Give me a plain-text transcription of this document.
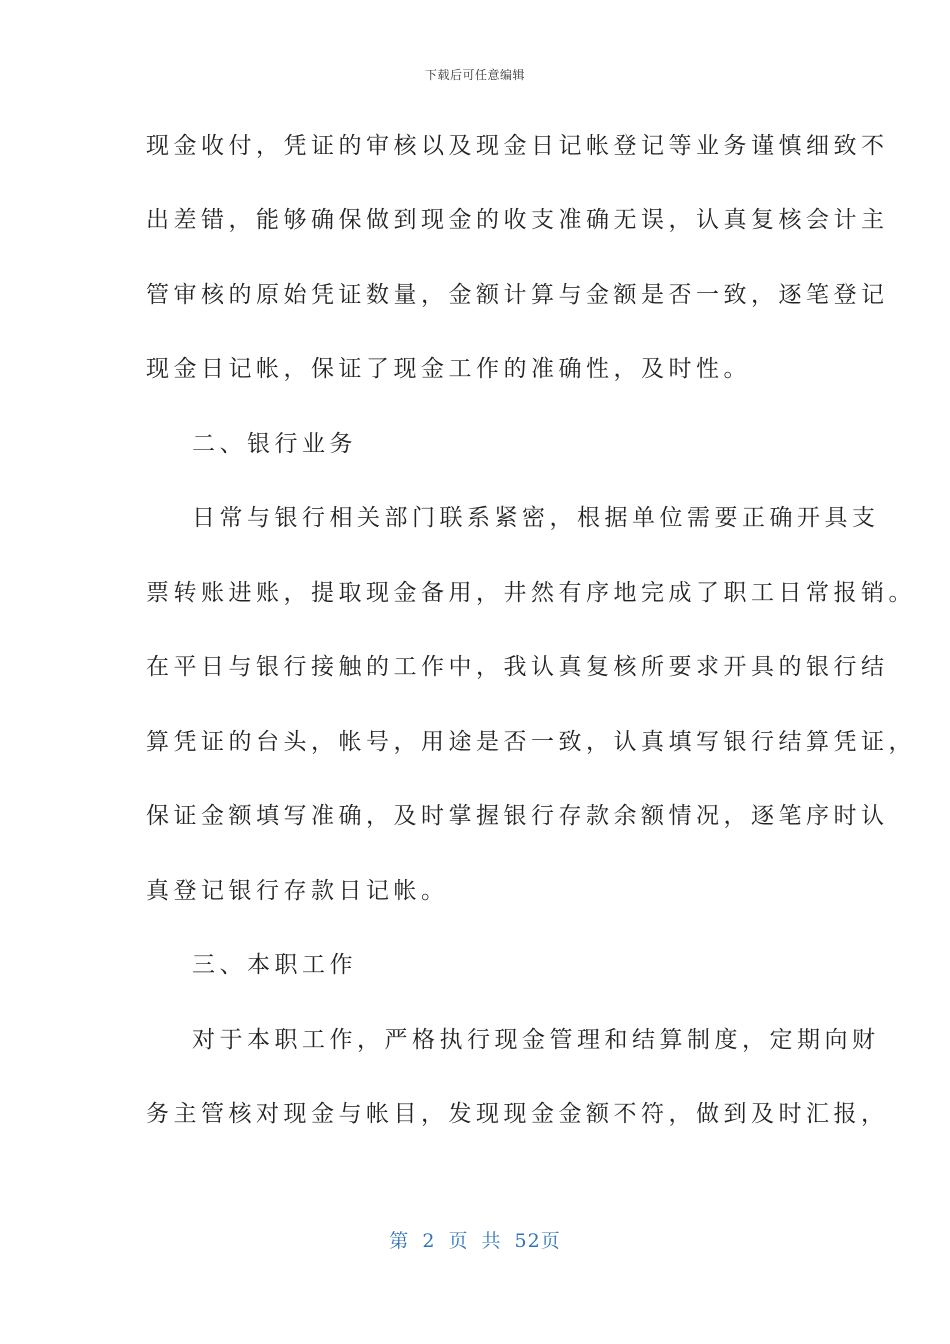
下载后可任意编辑
现金收付，凭证的审核以及现金日记帐登记等业务谨慎细致不
出差错，能够确保做到现金的收支准确无误，认真复核会计主
管审核的原始凭证数量，金额计算与金额是否一致，逐笔登记
现金日记帐，保证了现金工作的准确性，及时性。
二、银行业务
日常与银行相关部门联系紧密，根据单位需要正确开具支
票转账进账，提取现金备用，井然有序地完成了职工日常报销。
在平日与银行接触的工作中，我认真复核所要求开具的银行结
算凭证的台头，帐号，用途是否一致，认真填写银行结算凭证，
保证金额填写准确，及时掌握银行存款余额情况，逐笔序时认
真登记银行存款日记帐。
三、本职工作
对于本职工作，严格执行现金管理和结算制度，定期向财
务主管核对现金与帐目，发现现金金额不符，做到及时汇报，
第 2 页 共 52页
